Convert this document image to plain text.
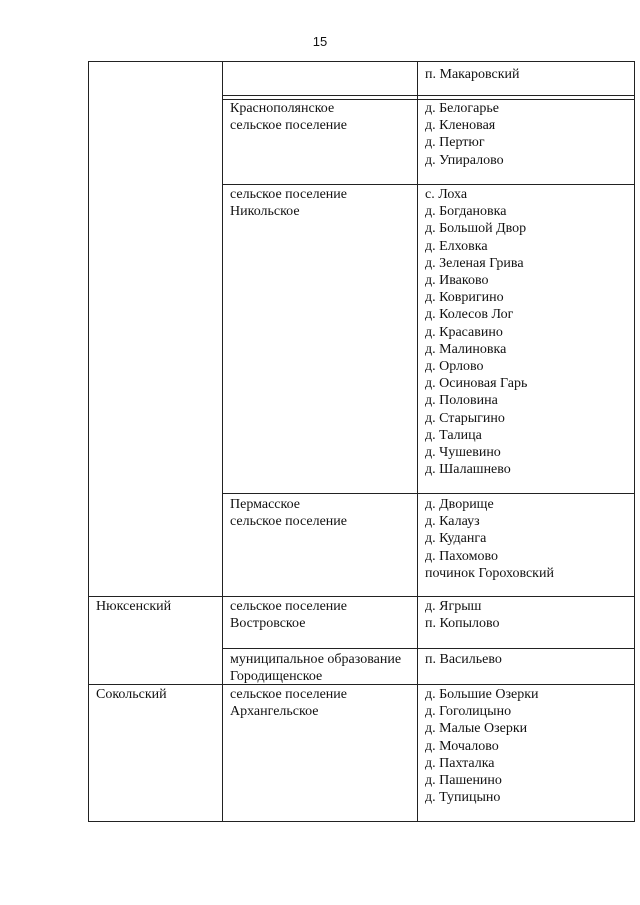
15
п. Макаровский
Краснополянское
сельское поселение
д. Белогарье
д. Кленовая
д. Пертюг
д. Упиралово
сельское поселение
Никольское
с. Лоха
д. Богдановка
д. Большой Двор
д. Елховка
д. Зеленая Грива
д. Иваково
д. Ковригино
д. Колесов Лог
д. Красавино
д. Малиновка
д. Орлово
д. Осиновая Гарь
д. Половина
д. Старыгино
д. Талица
д. Чушевино
д. Шалашнево
Пермасское
сельское поселение
д. Дворище
д. Калауз
д. Куданга
д. Пахомово
починок Гороховский
Нюксенский	сельское поселение
Востровское
д. Ягрыш
п. Копылово
муниципальное образование
Городищенское
п. Васильево
Сокольский	сельское поселение
Архангельское
д. Большие Озерки
д. Гоголицыно
д. Малые Озерки
д. Мочалово
д. Пахталка
д. Пашенино
д. Тупицыно
